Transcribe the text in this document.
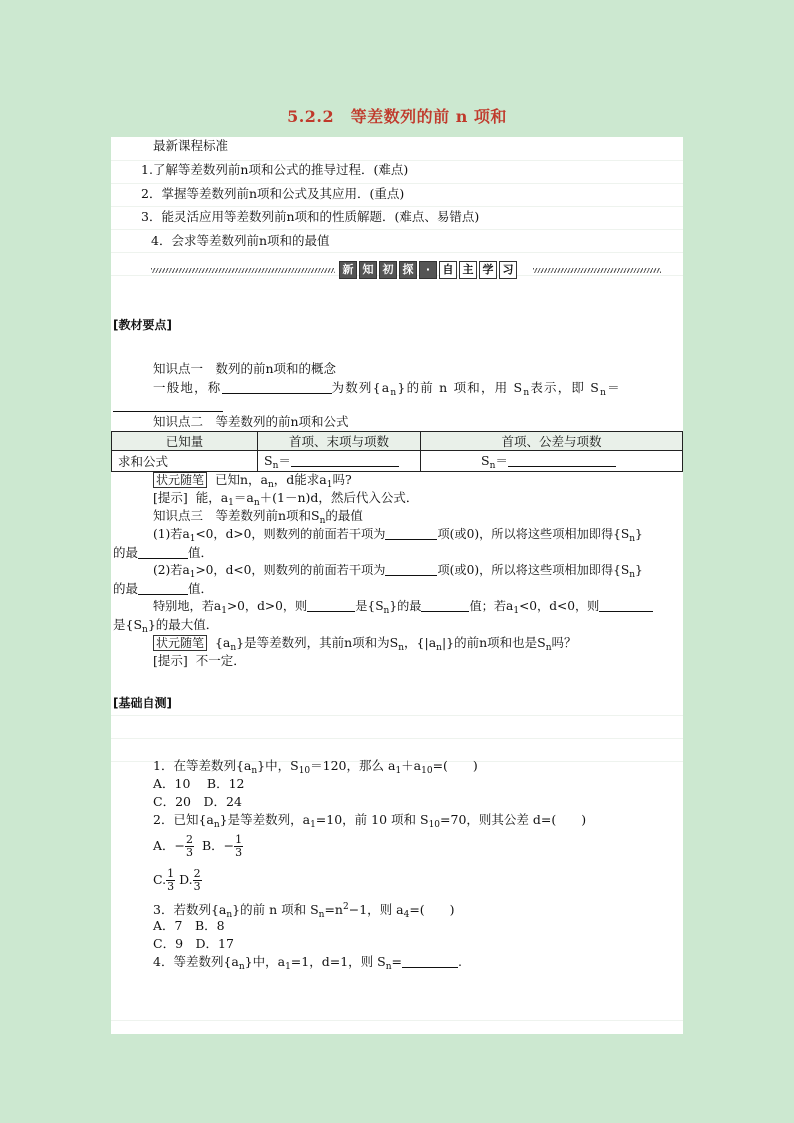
5.2.2　等差数列的前 n 项和
最新课程标准
1.了解等差数列前n项和公式的推导过程．(难点)
2．掌握等差数列前n项和公式及其应用．(重点)
3．能灵活应用等差数列前n项和的性质解题．(难点、易错点)
4．会求等差数列前n项和的最值
新 知 初 探	·	自 主 学 习
[教材要点]
知识点一　数列的前n项和的概念
一般地，称	为数列$\{a_n\}$的前 n 项和，用 $S_n$表示，即 $S_n=$
知识点二　等差数列的前n项和公式
已知量	首项、末项与项数	首项、公差与项数
求和公式	$S_n=$	$S_n=$
状元随笔 已知n，$a_n$，d能求$a_1$吗?
[提示] 能，$a_1=a_n+(1-n)d$，然后代入公式．
知识点三　等差数列前n项和$S_n$的最值
(1)若$a_1<0$，d>0，则数列的前面若干项为	项(或0)，所以将这些项相加即得$\{S_n\}$
的最	值．
(2)若$a_1>0$，d<0，则数列的前面若干项为	项(或0)，所以将这些项相加即得$\{S_n\}$
的最	值．
特别地，若$a_1>0$，d>0，则	是$\{S_n\}$的最	值；若$a_1<0$，d<0，则
是$\{S_n\}$的最大值．
状元随笔 $\{a_n\}$是等差数列，其前n项和为$S_n$，$\{|a_n|\}$的前n项和也是$S_n$吗？
[提示] 不一定．
[基础自测]
1．在等差数列$\{a_n\}$中，$S_{10}=120$，那么 $a_1+a_{10}=$(　　)
A．10　 B．12
C．20　D．24
2．已知$\{a_n\}$是等差数列，$a_1=10$，前 10 项和 $S_{10}=70$，则其公差 d=(　　)
A．− $\frac{2}{3}$ B．− $\frac{1}{3}$
C. $\frac{1}{3} D$. $\frac{2}{3}$
3．若数列$\{a_n\}$的前 n 项和 $S_n=n^2-1$，则 $a_4=$(　　)
A．7　B．8
C．9　D．17
4．等差数列$\{a_n\}$中，$a_1=1$，d=1，则 $S_n=$	.
